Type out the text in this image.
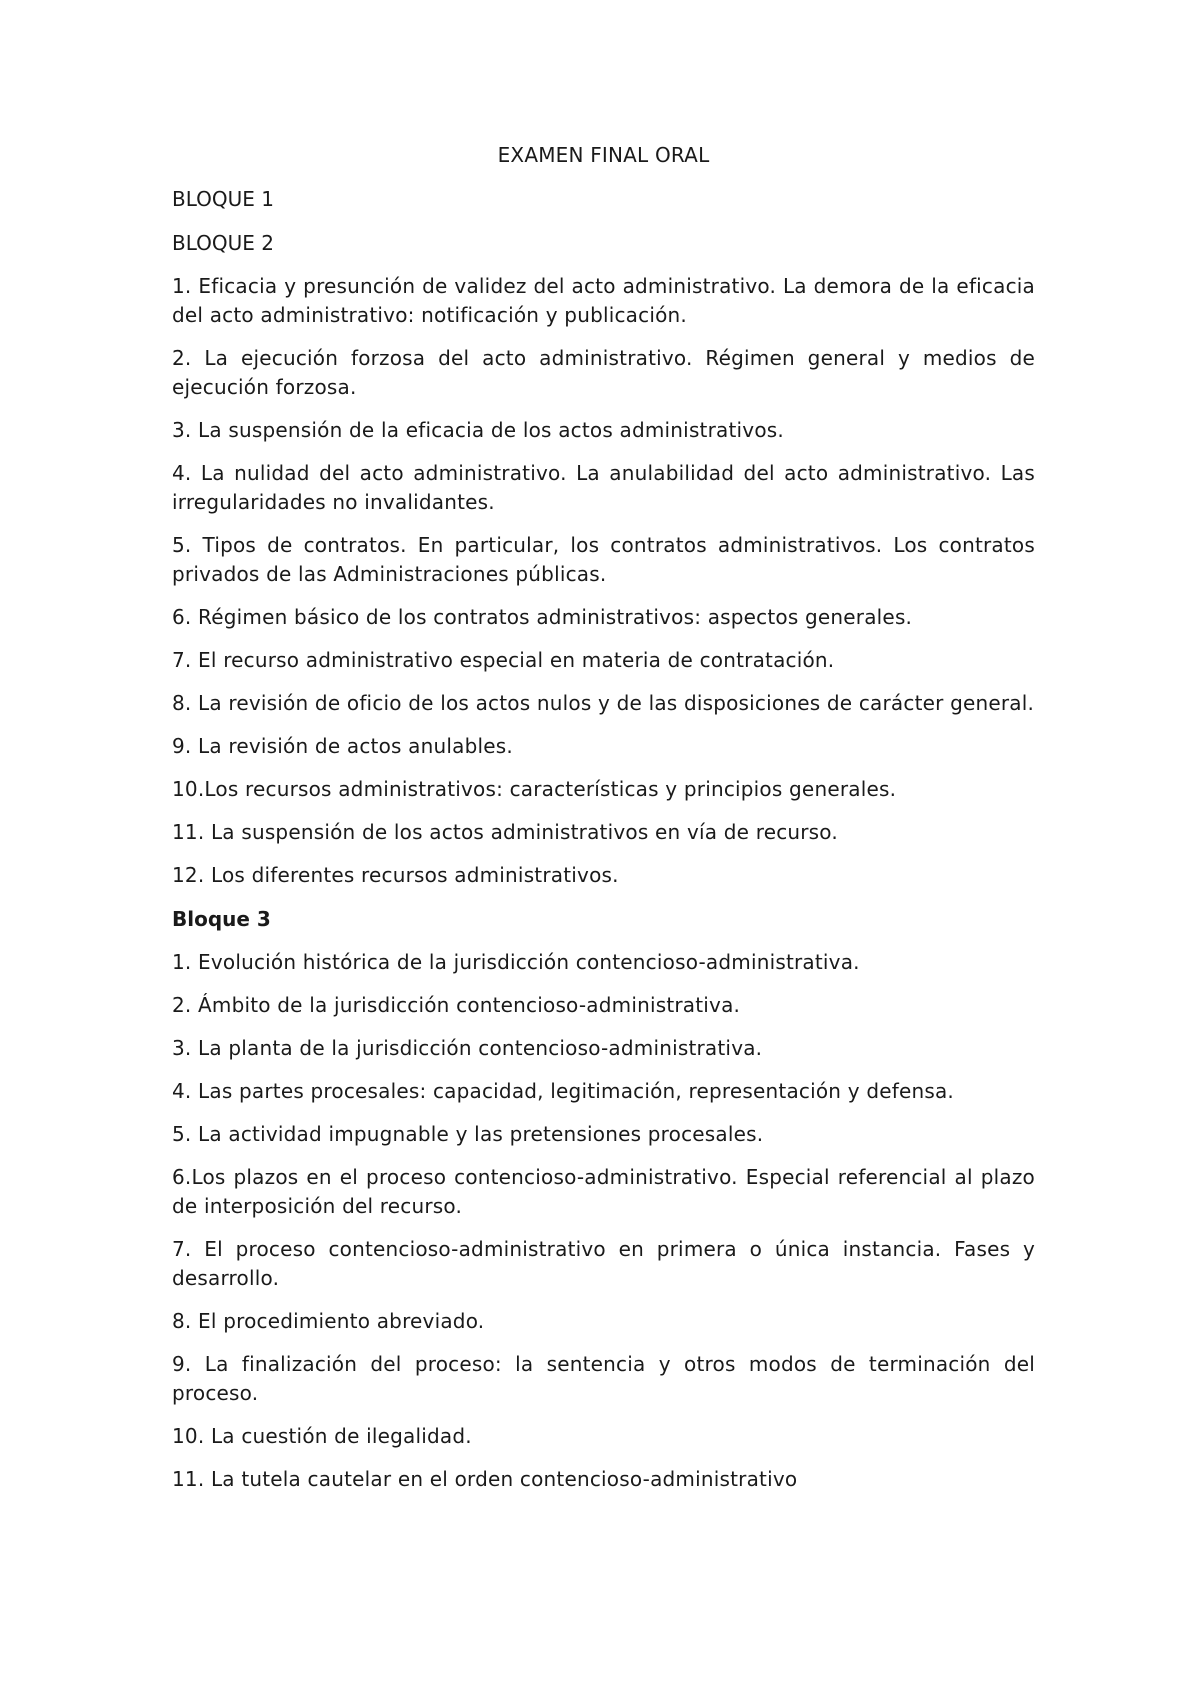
EXAMEN FINAL ORAL
BLOQUE 1
BLOQUE 2
1. Eficacia y presunción de validez del acto administrativo. La demora de la eficacia del acto administrativo: notificación y publicación.
2. La ejecución forzosa del acto administrativo. Régimen general y medios de ejecución forzosa.
3. La suspensión de la eficacia de los actos administrativos.
4. La nulidad del acto administrativo. La anulabilidad del acto administrativo. Las irregularidades no invalidantes.
5. Tipos de contratos. En particular, los contratos administrativos. Los contratos privados de las Administraciones públicas.
6. Régimen básico de los contratos administrativos: aspectos generales.
7. El recurso administrativo especial en materia de contratación.
8. La revisión de oficio de los actos nulos y de las disposiciones de carácter general.
9. La revisión de actos anulables.
10.Los recursos administrativos: características y principios generales.
11. La suspensión de los actos administrativos en vía de recurso.
12. Los diferentes recursos administrativos.
Bloque 3
1. Evolución histórica de la jurisdicción contencioso-administrativa.
2. Ámbito de la jurisdicción contencioso-administrativa.
3. La planta de la jurisdicción contencioso-administrativa.
4. Las partes procesales: capacidad, legitimación, representación y defensa.
5. La actividad impugnable y las pretensiones procesales.
6.Los plazos en el proceso contencioso-administrativo. Especial referencial al plazo de interposición del recurso.
7. El proceso contencioso-administrativo en primera o única instancia. Fases y desarrollo.
8. El procedimiento abreviado.
9. La finalización del proceso: la sentencia y otros modos de terminación del proceso.
10. La cuestión de ilegalidad.
11. La tutela cautelar en el orden contencioso-administrativo
